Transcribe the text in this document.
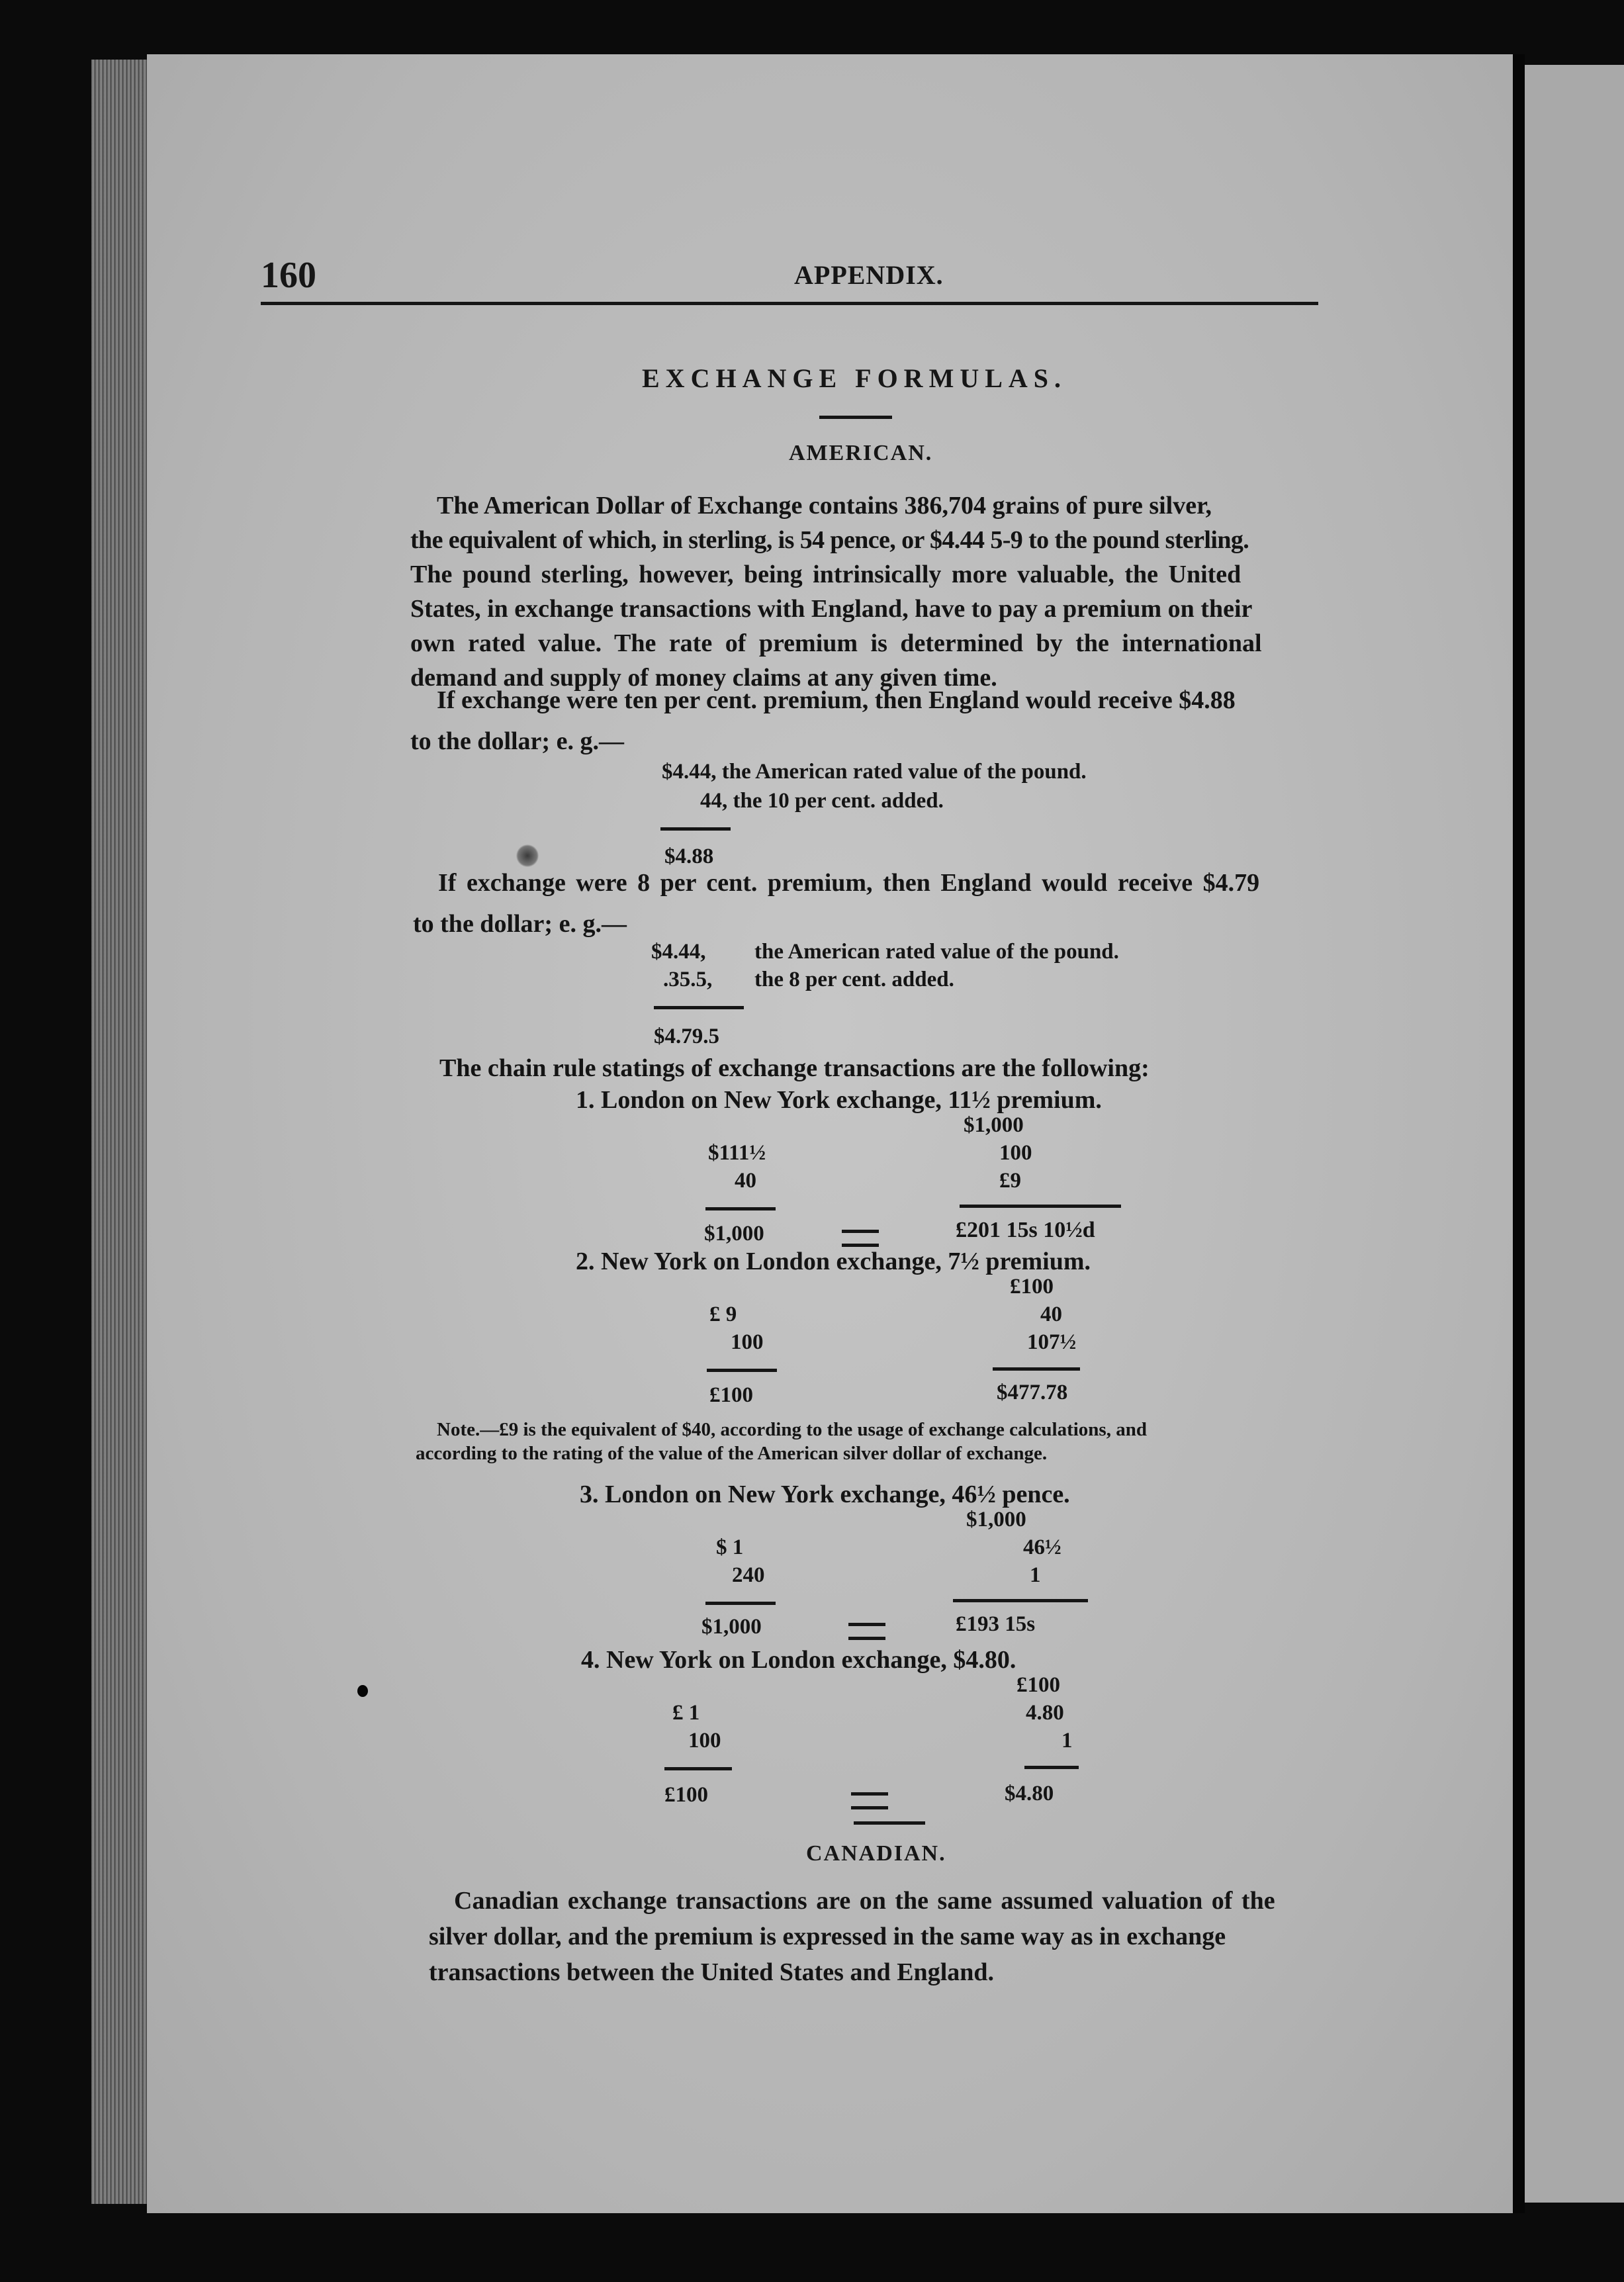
160	APPENDIX.
EXCHANGE FORMULAS.
AMERICAN.
The American Dollar of Exchange contains 386,704 grains of pure silver,
the equivalent of which, in sterling, is 54 pence, or $4.44 5-9 to the pound sterling.
The pound sterling, however, being intrinsically more valuable, the United
States, in exchange transactions with England, have to pay a premium on their
own rated value. The rate of premium is determined by the international
demand and supply of money claims at any given time.
If exchange were ten per cent. premium, then England would receive $4.88
to the dollar; e. g.—
$4.44, the American rated value of the pound.
44, the 10 per cent. added.
$4.88
If exchange were 8 per cent. premium, then England would receive $4.79
to the dollar; e. g.—
$4.44, the American rated value of the pound.
.35.5, the 8 per cent. added.
$4.79.5
The chain rule statings of exchange transactions are the following:
1. London on New York exchange, 11½ premium.
$1,000
$111½	100
40	£9
$1,000	£201 15s 10½d
2. New York on London exchange, 7½ premium.
£100
£ 9	40
100	107½
£100	$477.78
Note.—£9 is the equivalent of $40, according to the usage of exchange calculations, and
according to the rating of the value of the American silver dollar of exchange.
3. London on New York exchange, 46½ pence.
$1,000
$ 1	46½
240	1
$1,000	£193 15s
4. New York on London exchange, $4.80.
£100
£ 1	4.80
100	1
£100	$4.80
CANADIAN.
Canadian exchange transactions are on the same assumed valuation of the
silver dollar, and the premium is expressed in the same way as in exchange
transactions between the United States and England.
